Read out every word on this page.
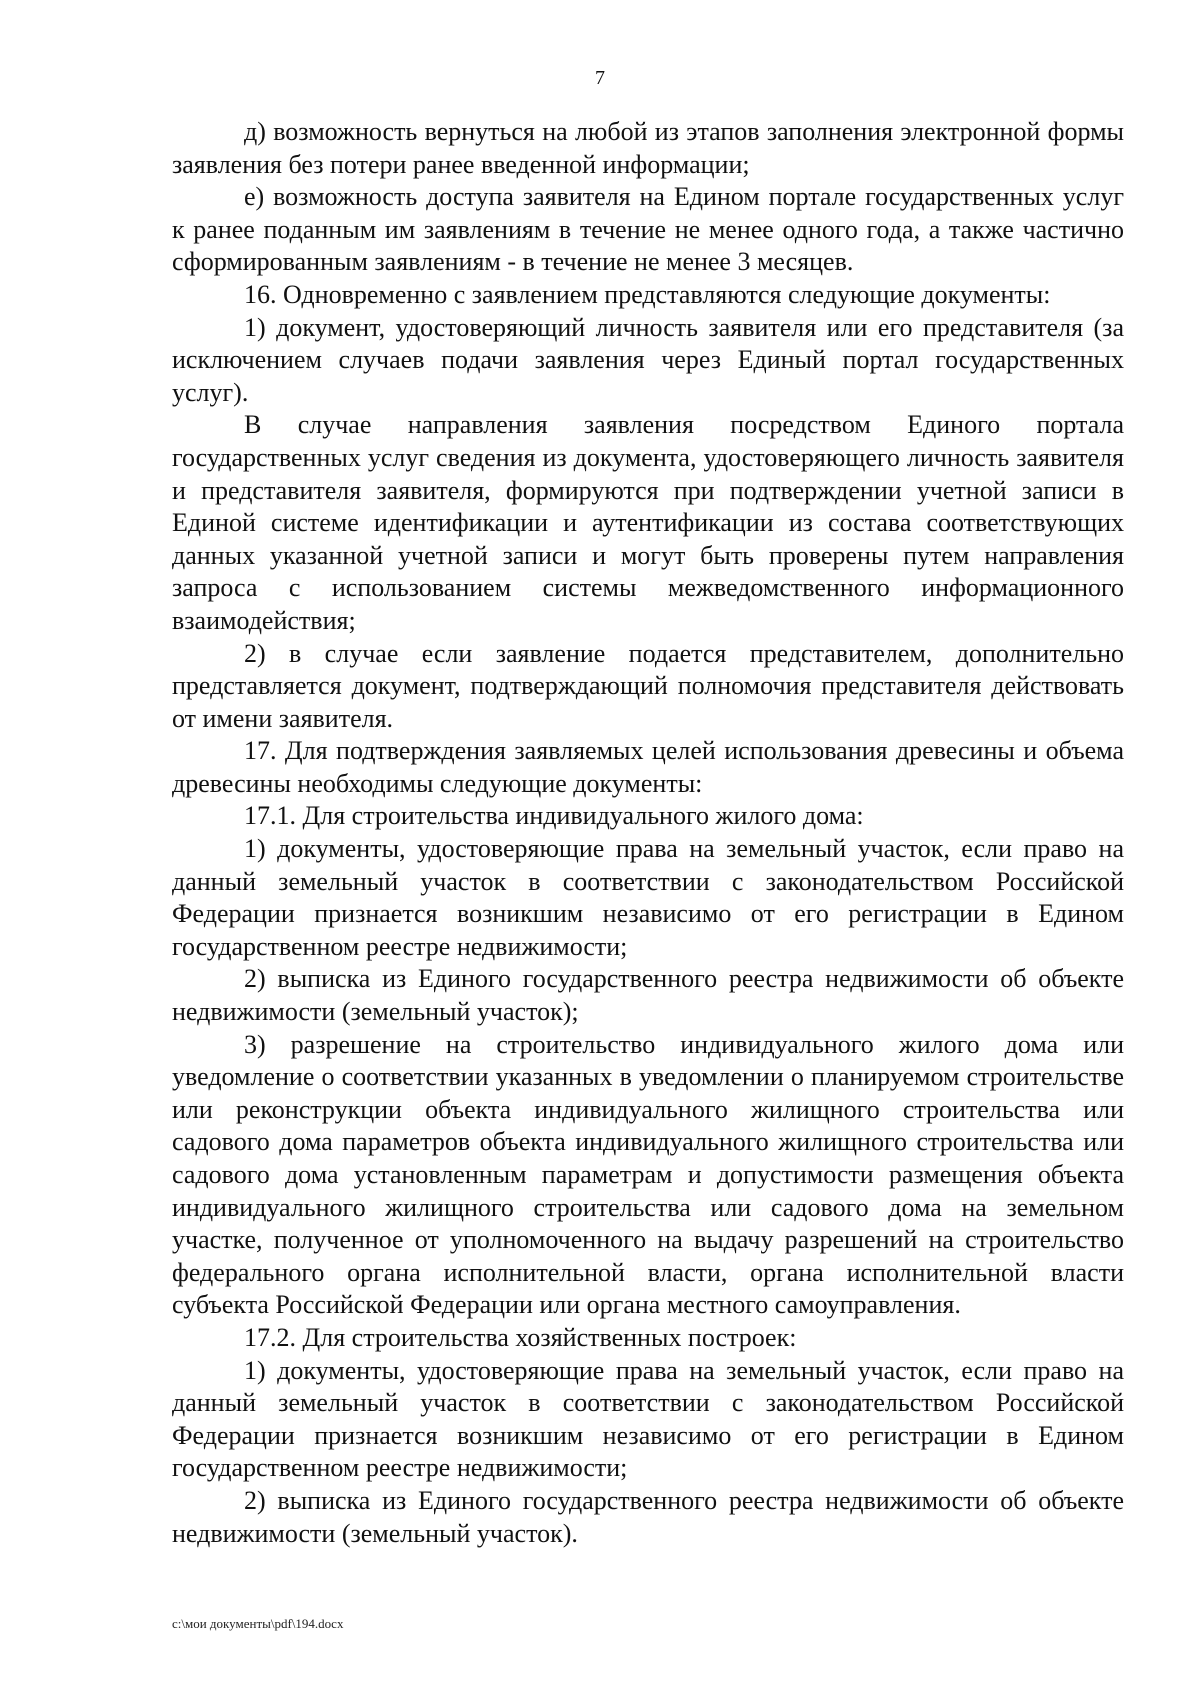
7

д) возможность вернуться на любой из этапов заполнения электронной формы заявления без потери ранее введенной информации;

е) возможность доступа заявителя на Едином портале государственных услуг к ранее поданным им заявлениям в течение не менее одного года, а также частично сформированным заявлениям - в течение не менее 3 месяцев.

16. Одновременно с заявлением представляются следующие документы:

1) документ, удостоверяющий личность заявителя или его представителя (за исключением случаев подачи заявления через Единый портал государственных услуг).

В случае направления заявления посредством Единого портала государственных услуг сведения из документа, удостоверяющего личность заявителя и представителя заявителя, формируются при подтверждении учетной записи в Единой системе идентификации и аутентификации из состава соответствующих данных указанной учетной записи и могут быть проверены путем направления запроса с использованием системы межведомственного информационного взаимодействия;

2) в случае если заявление подается представителем, дополнительно представляется документ, подтверждающий полномочия представителя действовать от имени заявителя.

17. Для подтверждения заявляемых целей использования древесины и объема древесины необходимы следующие документы:

17.1. Для строительства индивидуального жилого дома:

1) документы, удостоверяющие права на земельный участок, если право на данный земельный участок в соответствии с законодательством Российской Федерации признается возникшим независимо от его регистрации в Едином государственном реестре недвижимости;

2) выписка из Единого государственного реестра недвижимости об объекте недвижимости (земельный участок);

3) разрешение на строительство индивидуального жилого дома или уведомление о соответствии указанных в уведомлении о планируемом строительстве или реконструкции объекта индивидуального жилищного строительства или садового дома параметров объекта индивидуального жилищного строительства или садового дома установленным параметрам и допустимости размещения объекта индивидуального жилищного строительства или садового дома на земельном участке, полученное от уполномоченного на выдачу разрешений на строительство федерального органа исполнительной власти, органа исполнительной власти субъекта Российской Федерации или органа местного самоуправления.

17.2. Для строительства хозяйственных построек:

1) документы, удостоверяющие права на земельный участок, если право на данный земельный участок в соответствии с законодательством Российской Федерации признается возникшим независимо от его регистрации в Едином государственном реестре недвижимости;

2) выписка из Единого государственного реестра недвижимости об объекте недвижимости (земельный участок).

c:\мои документы\pdf\194.docx
